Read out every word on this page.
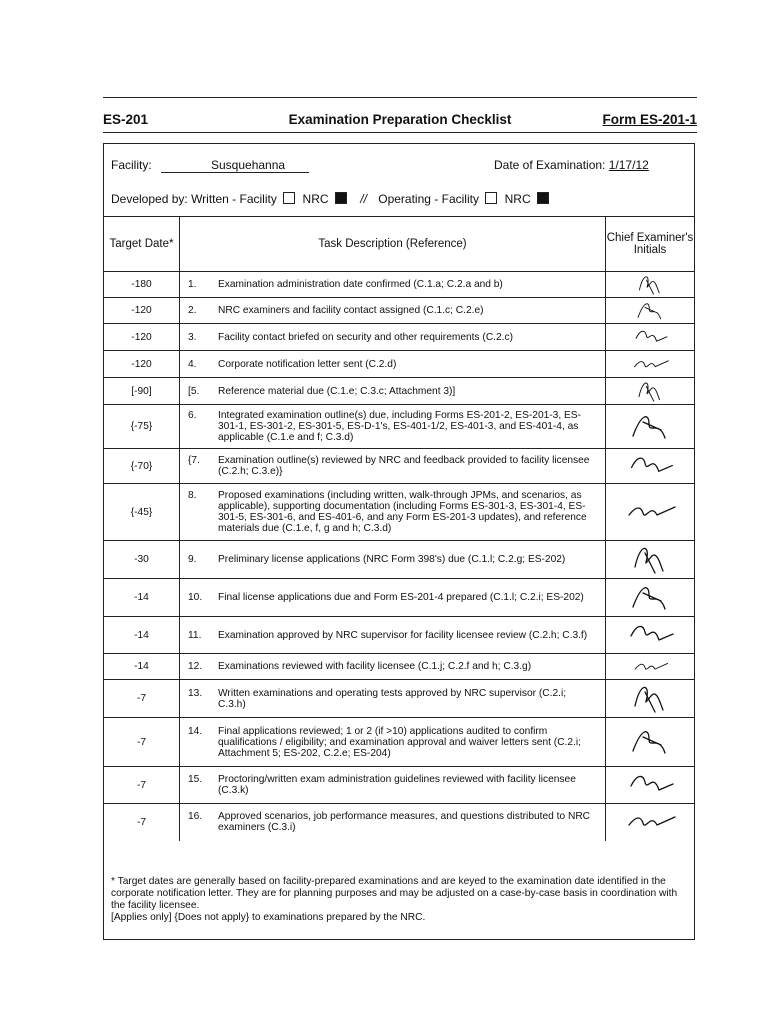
ES-201	Examination Preparation Checklist	Form ES-201-1
Facility:	Susquehanna	Date of Examination: 1/17/12
Developed by: Written - Facility NRC	// Operating - Facility NRC
Target Date*	Task Description (Reference)	Chief Examiner's Initials
-180	1. Examination administration date confirmed (C.1.a; C.2.a and b)	

-120	2. NRC examiners and facility contact assigned (C.1.c; C.2.e)	

-120	3. Facility contact briefed on security and other requirements (C.2.c)	

-120	4. Corporate notification letter sent (C.2.d)	

[-90]	[5. Reference material due (C.1.e; C.3.c; Attachment 3)]	

{-75}	6. Integrated examination outline(s) due, including Forms ES-201-2, ES-201-3, ES-301-1, ES-301-2, ES-301-5, ES-D-1's, ES-401-1/2, ES-401-3, and ES-401-4, as applicable (C.1.e and f; C.3.d)	

{-70}	{7. Examination outline(s) reviewed by NRC and feedback provided to facility licensee (C.2.h; C.3.e)}	

{-45}	8. Proposed examinations (including written, walk-through JPMs, and scenarios, as applicable), supporting documentation (including Forms ES-301-3, ES-301-4, ES-301-5, ES-301-6, and ES-401-6, and any Form ES-201-3 updates), and reference materials due (C.1.e, f, g and h; C.3.d)	

-30	9. Preliminary license applications (NRC Form 398's) due (C.1.l; C.2.g; ES-202)	

-14	10. Final license applications due and Form ES-201-4 prepared (C.1.l; C.2.i; ES-202)	

-14	11. Examination approved by NRC supervisor for facility licensee review (C.2.h; C.3.f)	

-14	12. Examinations reviewed with facility licensee (C.1.j; C.2.f and h; C.3.g)	

-7	13. Written examinations and operating tests approved by NRC supervisor (C.2.i; C.3.h)	

-7	14. Final applications reviewed; 1 or 2 (if >10) applications audited to confirm qualifications / eligibility; and examination approval and waiver letters sent (C.2.i; Attachment 5; ES-202, C.2.e; ES-204)	

-7	15. Proctoring/written exam administration guidelines reviewed with facility licensee (C.3.k)	

-7	16. Approved scenarios, job performance measures, and questions distributed to NRC examiners (C.3.i)	
* Target dates are generally based on facility-prepared examinations and are keyed to the examination date identified in the corporate notification letter. They are for planning purposes and may be adjusted on a case-by-case basis in coordination with the facility licensee.
[Applies only] {Does not apply} to examinations prepared by the NRC.
